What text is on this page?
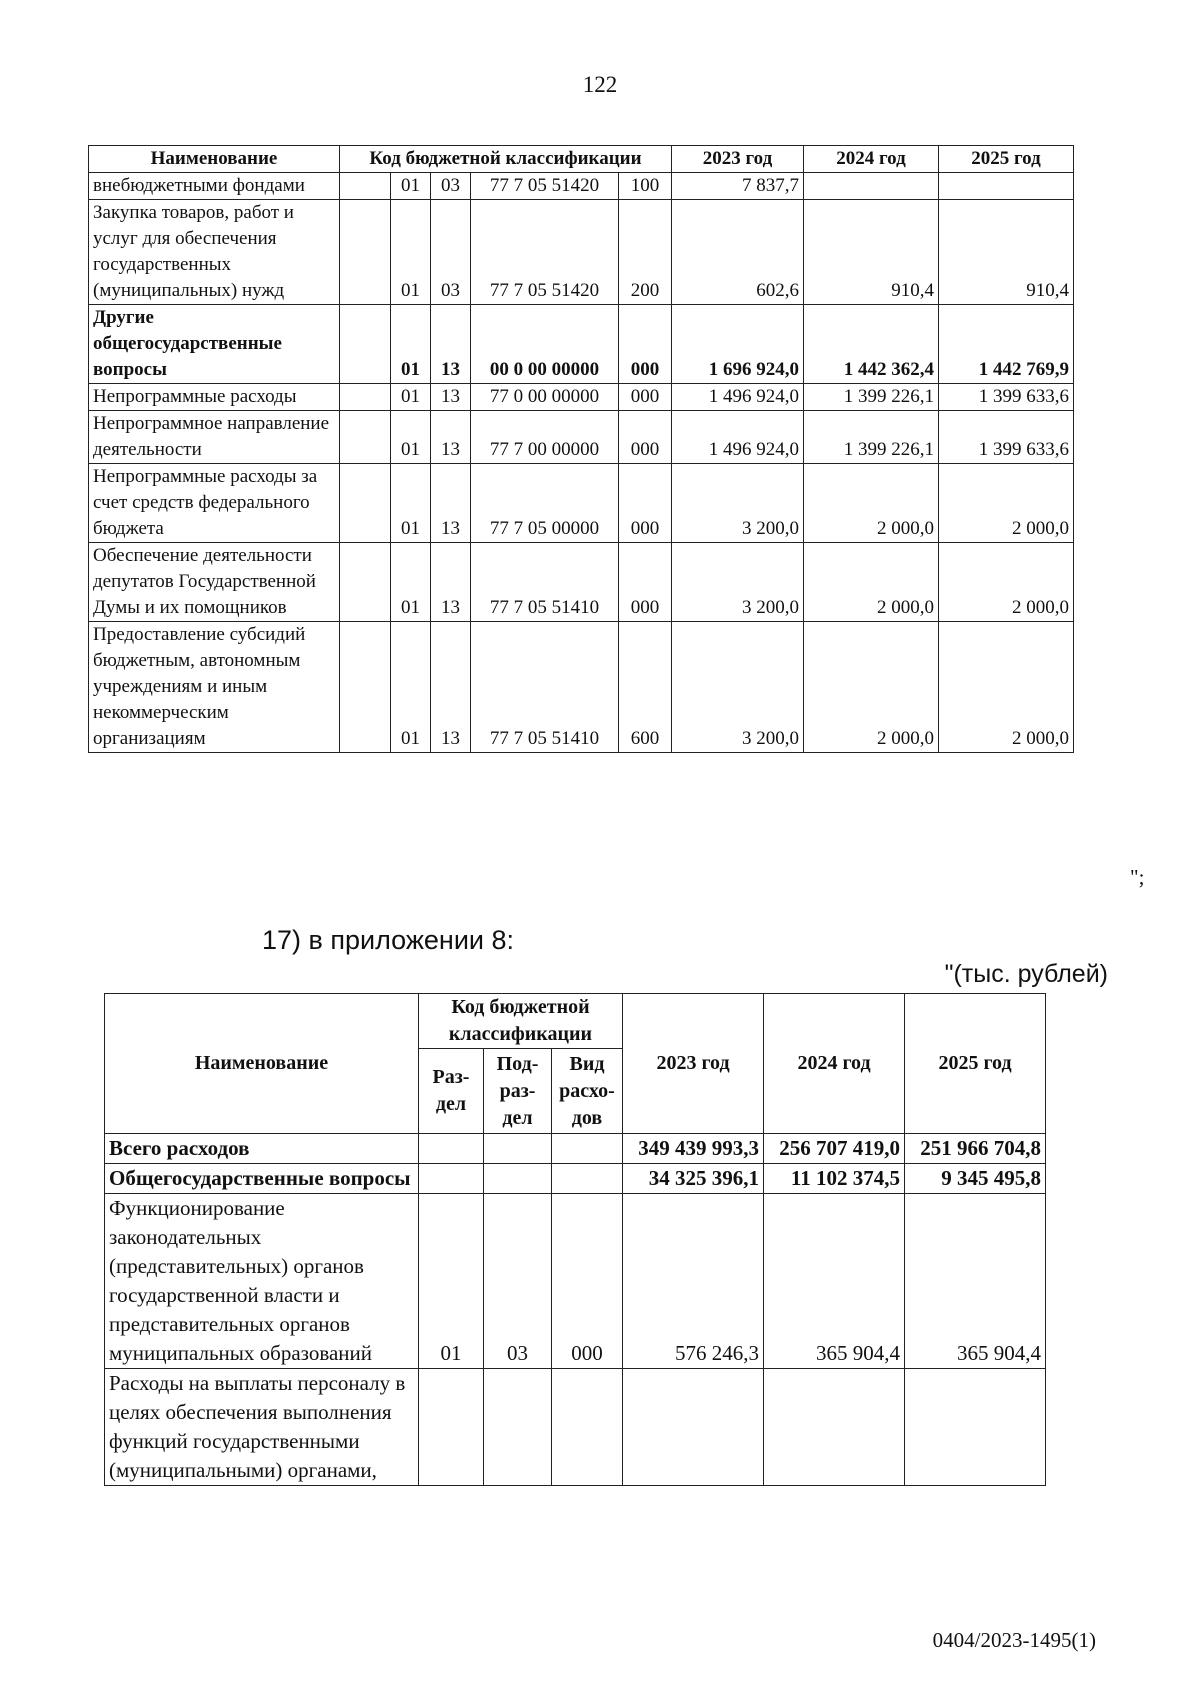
122
Наименование	Код бюджетной классификации					2023 год	2024 год	2025 год
внебюджетными фондами		01	03	77 7 05 51420	100	7 837,7		
Закупка товаров, работ и услуг для обеспечения государственных (муниципальных) нужд		01	03	77 7 05 51420	200	602,6	910,4	910,4
Другие общегосударственные вопросы		01	13	00 0 00 00000	000	1 696 924,0	1 442 362,4	1 442 769,9
Непрограммные расходы		01	13	77 0 00 00000	000	1 496 924,0	1 399 226,1	1 399 633,6
Непрограммное направление деятельности		01	13	77 7 00 00000	000	1 496 924,0	1 399 226,1	1 399 633,6
Непрограммные расходы за счет средств федерального бюджета		01	13	77 7 05 00000	000	3 200,0	2 000,0	2 000,0
Обеспечение деятельности депутатов Государственной Думы и их помощников		01	13	77 7 05 51410	000	3 200,0	2 000,0	2 000,0
Предоставление субсидий бюджетным, автономным учреждениям и иным некоммерческим организациям		01	13	77 7 05 51410	600	3 200,0	2 000,0	2 000,0
";
17) в приложении 8:
"(тыс. рублей)
Наименование	Код бюджетной классификации			2023 год	2024 год	2025 год
	Раз-дел	Под-раз-дел	Вид расхо-дов			
Всего расходов				349 439 993,3	256 707 419,0	251 966 704,8
Общегосударственные вопросы				34 325 396,1	11 102 374,5	9 345 495,8
Функционирование законодательных (представительных) органов государственной власти и представительных органов муниципальных образований	01	03	000	576 246,3	365 904,4	365 904,4
Расходы на выплаты персоналу в целях обеспечения выполнения функций государственными (муниципальными) органами,						
0404/2023-1495(1)
